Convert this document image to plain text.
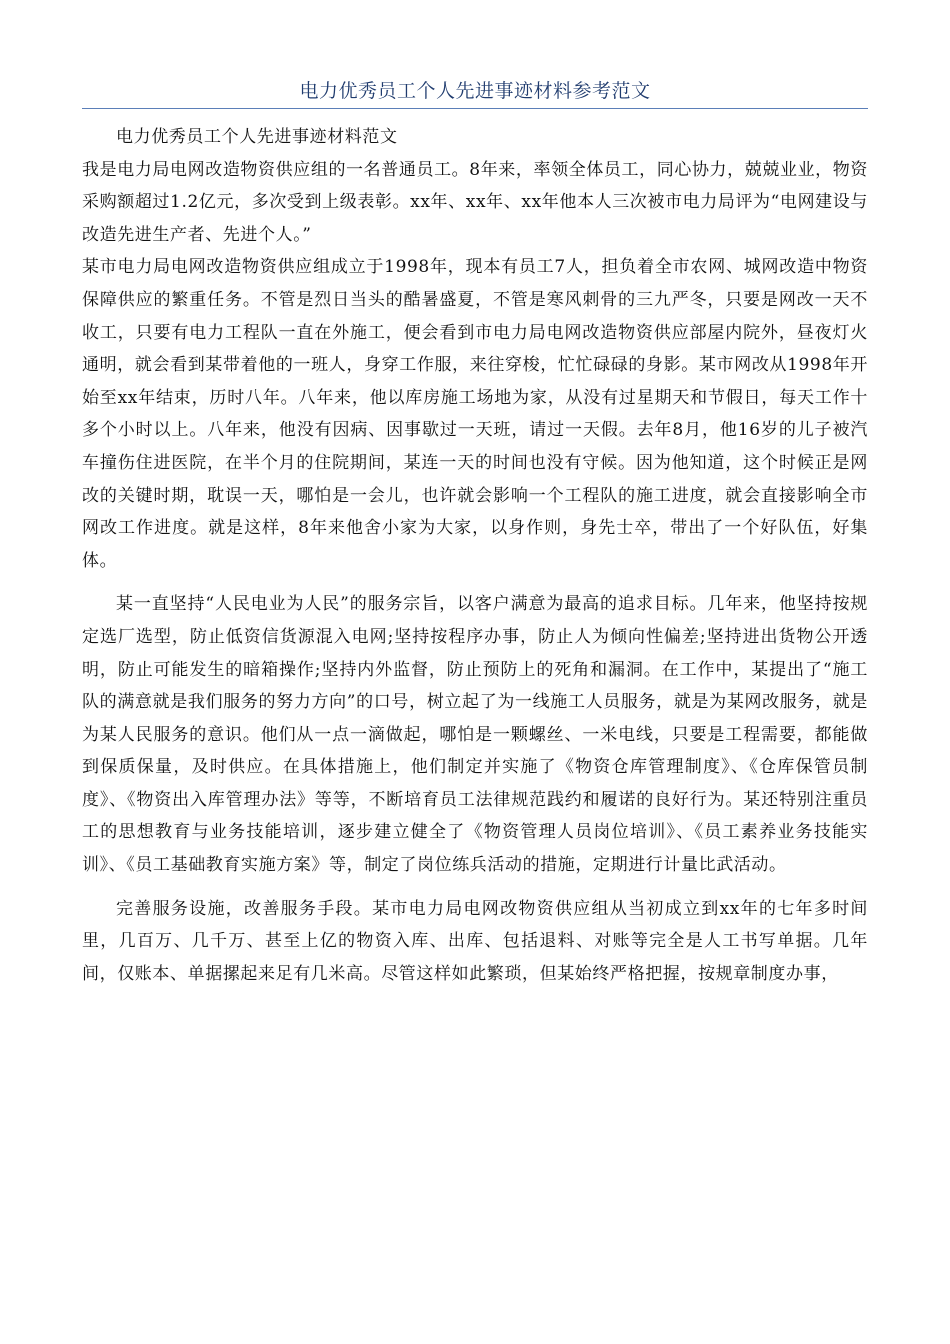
电力优秀员工个人先进事迹材料参考范文

电力优秀员工个人先进事迹材料范文

我是电力局电网改造物资供应组的一名普通员工。8年来，率领全体员工，同心协力，兢兢业业，物资采购额超过1.2亿元，多次受到上级表彰。xx年、xx年、xx年他本人三次被市电力局评为“电网建设与改造先进生产者、先进个人。”

某市电力局电网改造物资供应组成立于1998年，现本有员工7人，担负着全市农网、城网改造中物资保障供应的繁重任务。不管是烈日当头的酷暑盛夏，不管是寒风刺骨的三九严冬，只要是网改一天不收工，只要有电力工程队一直在外施工，便会看到市电力局电网改造物资供应部屋内院外，昼夜灯火通明，就会看到某带着他的一班人，身穿工作服，来往穿梭，忙忙碌碌的身影。某市网改从1998年开始至xx年结束，历时八年。八年来，他以库房施工场地为家，从没有过星期天和节假日，每天工作十多个小时以上。八年来，他没有因病、因事歇过一天班，请过一天假。去年8月，他16岁的儿子被汽车撞伤住进医院，在半个月的住院期间，某连一天的时间也没有守候。因为他知道，这个时候正是网改的关键时期，耽误一天，哪怕是一会儿，也许就会影响一个工程队的施工进度，就会直接影响全市网改工作进度。就是这样，8年来他舍小家为大家，以身作则，身先士卒，带出了一个好队伍，好集体。

某一直坚持“人民电业为人民”的服务宗旨，以客户满意为最高的追求目标。几年来，他坚持按规定选厂选型，防止低资信货源混入电网;坚持按程序办事，防止人为倾向性偏差;坚持进出货物公开透明，防止可能发生的暗箱操作;坚持内外监督，防止预防上的死角和漏洞。在工作中，某提出了“施工队的满意就是我们服务的努力方向”的口号，树立起了为一线施工人员服务，就是为某网改服务，就是为某人民服务的意识。他们从一点一滴做起，哪怕是一颗螺丝、一米电线，只要是工程需要，都能做到保质保量，及时供应。在具体措施上，他们制定并实施了《物资仓库管理制度》、《仓库保管员制度》、《物资出入库管理办法》等等，不断培育员工法律规范践约和履诺的良好行为。某还特别注重员工的思想教育与业务技能培训，逐步建立健全了《物资管理人员岗位培训》、《员工素养业务技能实训》、《员工基础教育实施方案》等，制定了岗位练兵活动的措施，定期进行计量比武活动。

完善服务设施，改善服务手段。某市电力局电网改物资供应组从当初成立到xx年的七年多时间里，几百万、几千万、甚至上亿的物资入库、出库、包括退料、对账等完全是人工书写单据。几年间，仅账本、单据摞起来足有几米高。尽管这样如此繁琐，但某始终严格把握，按规章制度办事，
